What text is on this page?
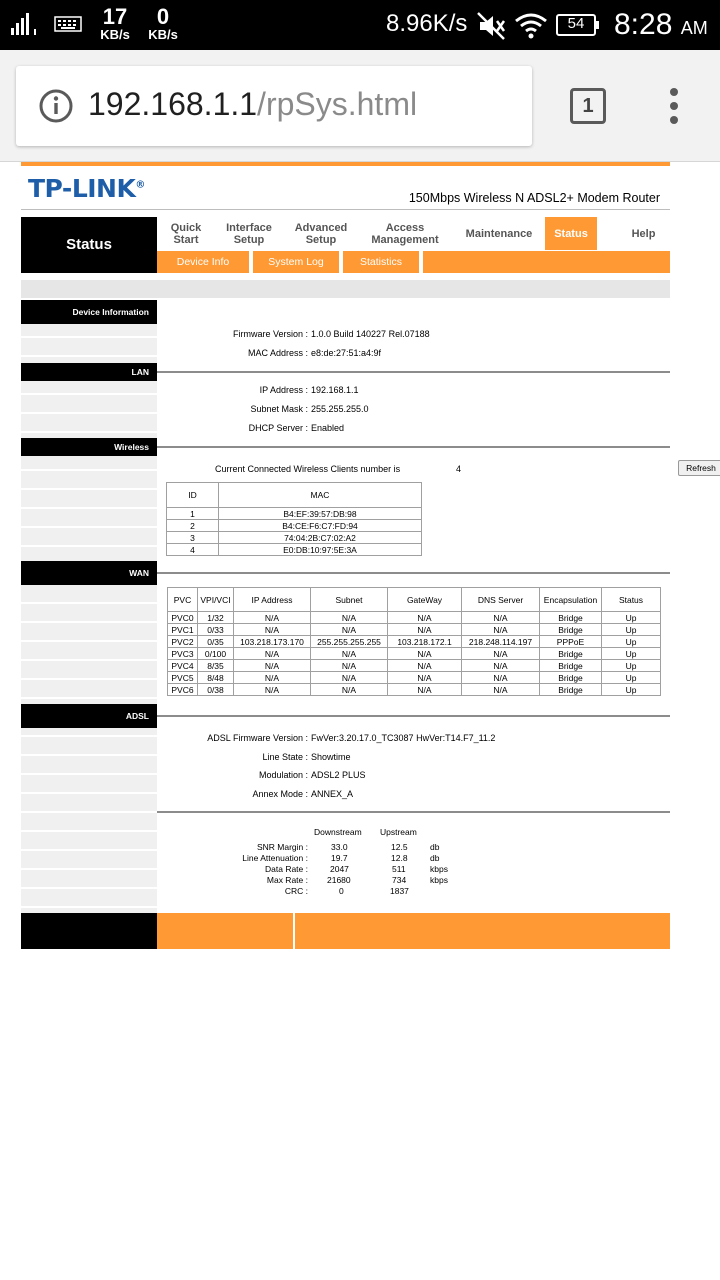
17
KB/s
0
KB/s	8.96K/s	54 8:28 AM
192.168.1.1/rpSys.html	1
TP-LINK®
150Mbps Wireless N ADSL2+ Modem Router
Status
Quick
Start
Interface
Setup
Advanced
Setup
Access
Management Maintenance Status	Help
Device Info	System Log	Statistics
Device Information
Firmware Version : 1.0.0 Build 140227 Rel.07188
MAC Address : e8:de:27:51:a4:9f
LAN
IP Address : 192.168.1.1
Subnet Mask : 255.255.255.0
DHCP Server : Enabled
Wireless
Current Connected Wireless Clients number is	4	Refresh
ID	MAC
1	B4:EF:39:57:DB:98
2	B4:CE:F6:C7:FD:94
3	74:04:2B:C7:02:A2
4	E0:DB:10:97:5E:3A
WAN
PVC	VPI/VCI	IP Address	Subnet	GateWay	DNS Server	Encapsulation	Status
PVC0	1/32	N/A	N/A	N/A	N/A	Bridge	Up
PVC1	0/33	N/A	N/A	N/A	N/A	Bridge	Up
PVC2	0/35	103.218.173.170	255.255.255.255	103.218.172.1	218.248.114.197	PPPoE	Up
PVC3	0/100	N/A	N/A	N/A	N/A	Bridge	Up
PVC4	8/35	N/A	N/A	N/A	N/A	Bridge	Up
PVC5	8/48	N/A	N/A	N/A	N/A	Bridge	Up
PVC6	0/38	N/A	N/A	N/A	N/A	Bridge	Up
ADSL
ADSL Firmware Version : FwVer:3.20.17.0_TC3087 HwVer:T14.F7_11.2
Line State : Showtime
Modulation : ADSL2 PLUS
Annex Mode : ANNEX_A
Downstream Upstream
SNR Margin :	33.0	12.5	db
Line Attenuation :	19.7	12.8	db
Data Rate :	2047	511	kbps
Max Rate : 21680	734	kbps
CRC :	0	1837
